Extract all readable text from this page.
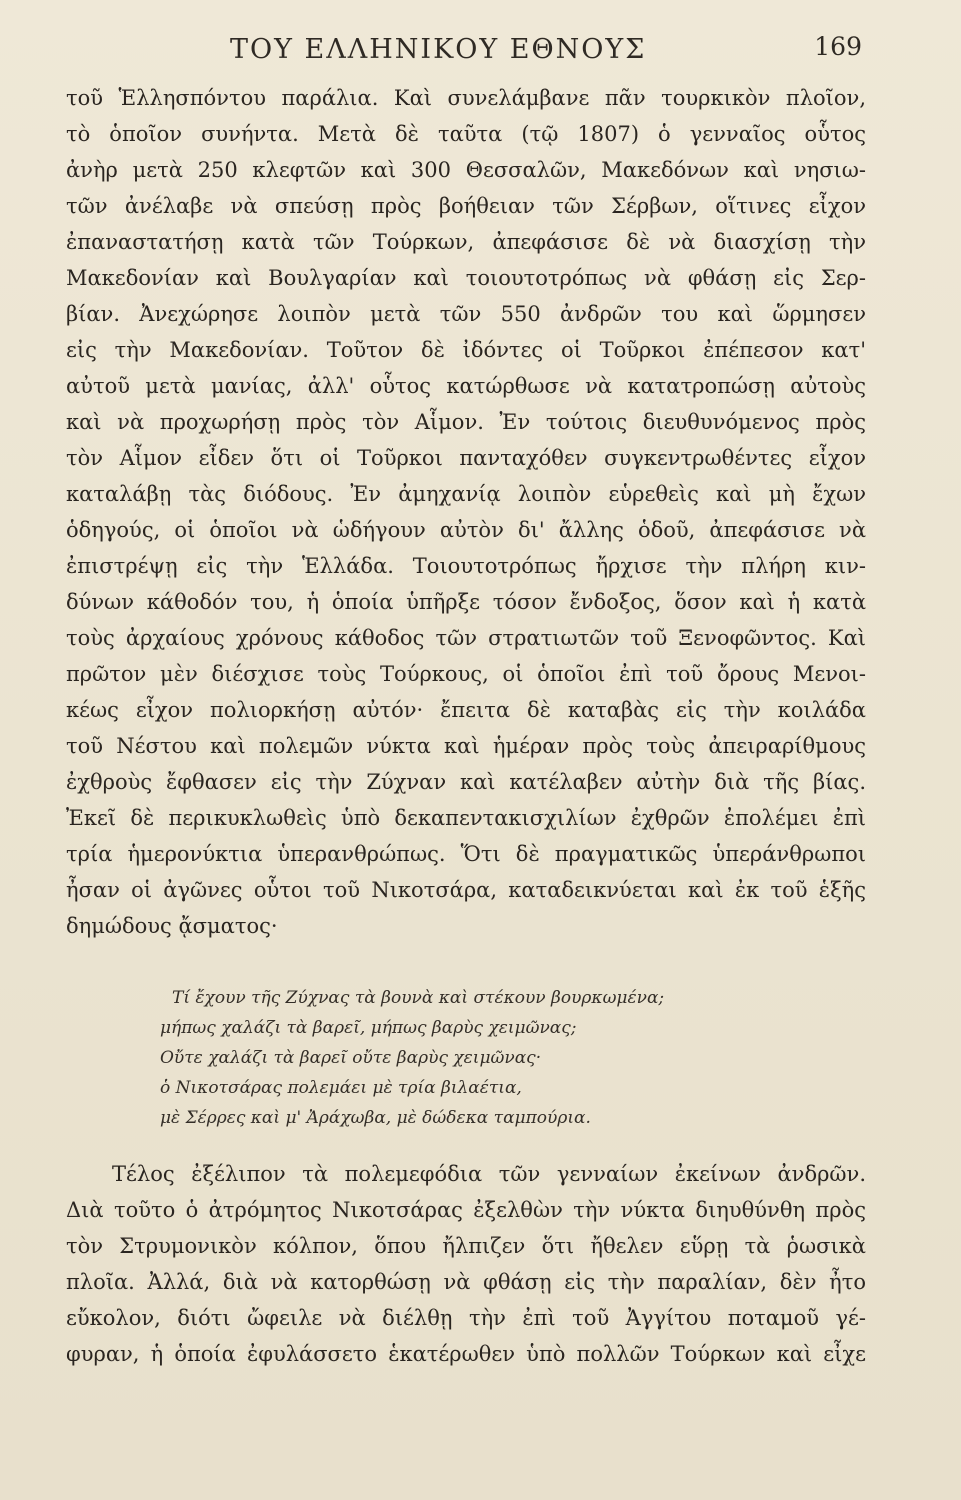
ΤΟΥ ΕΛΛΗΝΙΚΟΥ ΕΘΝΟΥΣ	169
τοῦ Ἑλλησπόντου παράλια. Καὶ συνελάμβανε πᾶν τουρκικὸν πλοῖον,
τὸ ὁποῖον συνήντα. Μετὰ δὲ ταῦτα (τῷ 1807) ὁ γενναῖος οὗτος
ἀνὴρ μετὰ 250 κλεφτῶν καὶ 300 Θεσσαλῶν, Μακεδόνων καὶ νησιω-
τῶν ἀνέλαβε νὰ σπεύσῃ πρὸς βοήθειαν τῶν Σέρβων, οἵτινες εἶχον
ἐπαναστατήσῃ κατὰ τῶν Τούρκων, ἀπεφάσισε δὲ νὰ διασχίσῃ τὴν
Μακεδονίαν καὶ Βουλγαρίαν καὶ τοιουτοτρόπως νὰ φθάσῃ εἰς Σερ-
βίαν. Ἀνεχώρησε λοιπὸν μετὰ τῶν 550 ἀνδρῶν του καὶ ὥρμησεν
εἰς τὴν Μακεδονίαν. Τοῦτον δὲ ἰδόντες οἱ Τοῦρκοι ἐπέπεσον κατ'
αὐτοῦ μετὰ μανίας, ἀλλ' οὗτος κατώρθωσε νὰ κατατροπώσῃ αὐτοὺς
καὶ νὰ προχωρήσῃ πρὸς τὸν Αἷμον. Ἐν τούτοις διευθυνόμενος πρὸς
τὸν Αἷμον εἶδεν ὅτι οἱ Τοῦρκοι πανταχόθεν συγκεντρωθέντες εἶχον
καταλάβῃ τὰς διόδους. Ἐν ἀμηχανίᾳ λοιπὸν εὑρεθεὶς καὶ μὴ ἔχων
ὁδηγούς, οἱ ὁποῖοι νὰ ὡδήγουν αὐτὸν δι' ἄλλης ὁδοῦ, ἀπεφάσισε νὰ
ἐπιστρέψῃ εἰς τὴν Ἑλλάδα. Τοιουτοτρόπως ἤρχισε τὴν πλήρη κιν-
δύνων κάθοδόν του, ἡ ὁποία ὑπῆρξε τόσον ἔνδοξος, ὅσον καὶ ἡ κατὰ
τοὺς ἀρχαίους χρόνους κάθοδος τῶν στρατιωτῶν τοῦ Ξενοφῶντος. Καὶ
πρῶτον μὲν διέσχισε τοὺς Τούρκους, οἱ ὁποῖοι ἐπὶ τοῦ ὄρους Μενοι-
κέως εἶχον πολιορκήσῃ αὐτόν· ἔπειτα δὲ καταβὰς εἰς τὴν κοιλάδα
τοῦ Νέστου καὶ πολεμῶν νύκτα καὶ ἡμέραν πρὸς τοὺς ἀπειραρίθμους
ἐχθροὺς ἔφθασεν εἰς τὴν Ζύχναν καὶ κατέλαβεν αὐτὴν διὰ τῆς βίας.
Ἐκεῖ δὲ περικυκλωθεὶς ὑπὸ δεκαπεντακισχιλίων ἐχθρῶν ἐπολέμει ἐπὶ
τρία ἡμερονύκτια ὑπερανθρώπως. Ὅτι δὲ πραγματικῶς ὑπεράνθρωποι
ἦσαν οἱ ἀγῶνες οὗτοι τοῦ Νικοτσάρα, καταδεικνύεται καὶ ἐκ τοῦ ἑξῆς
δημώδους ᾄσματος·
Τί ἔχουν τῆς Ζύχνας τὰ βουνὰ καὶ στέκουν βουρκωμένα;
μήπως χαλάζι τὰ βαρεῖ, μήπως βαρὺς χειμῶνας;
Οὔτε χαλάζι τὰ βαρεῖ οὔτε βαρὺς χειμῶνας·
ὁ Νικοτσάρας πολεμάει μὲ τρία βιλαέτια,
μὲ Σέρρες καὶ μ' Ἀράχωβα, μὲ δώδεκα ταμπούρια.
Τέλος ἐξέλιπον τὰ πολεμεφόδια τῶν γενναίων ἐκείνων ἀνδρῶν.
Διὰ τοῦτο ὁ ἀτρόμητος Νικοτσάρας ἐξελθὼν τὴν νύκτα διηυθύνθη πρὸς
τὸν Στρυμονικὸν κόλπον, ὅπου ἤλπιζεν ὅτι ἤθελεν εὕρῃ τὰ ῥωσικὰ
πλοῖα. Ἀλλά, διὰ νὰ κατορθώσῃ νὰ φθάσῃ εἰς τὴν παραλίαν, δὲν ἦτο
εὔκολον, διότι ὤφειλε νὰ διέλθῃ τὴν ἐπὶ τοῦ Ἀγγίτου ποταμοῦ γέ-
φυραν, ἡ ὁποία ἐφυλάσσετο ἑκατέρωθεν ὑπὸ πολλῶν Τούρκων καὶ εἶχε
